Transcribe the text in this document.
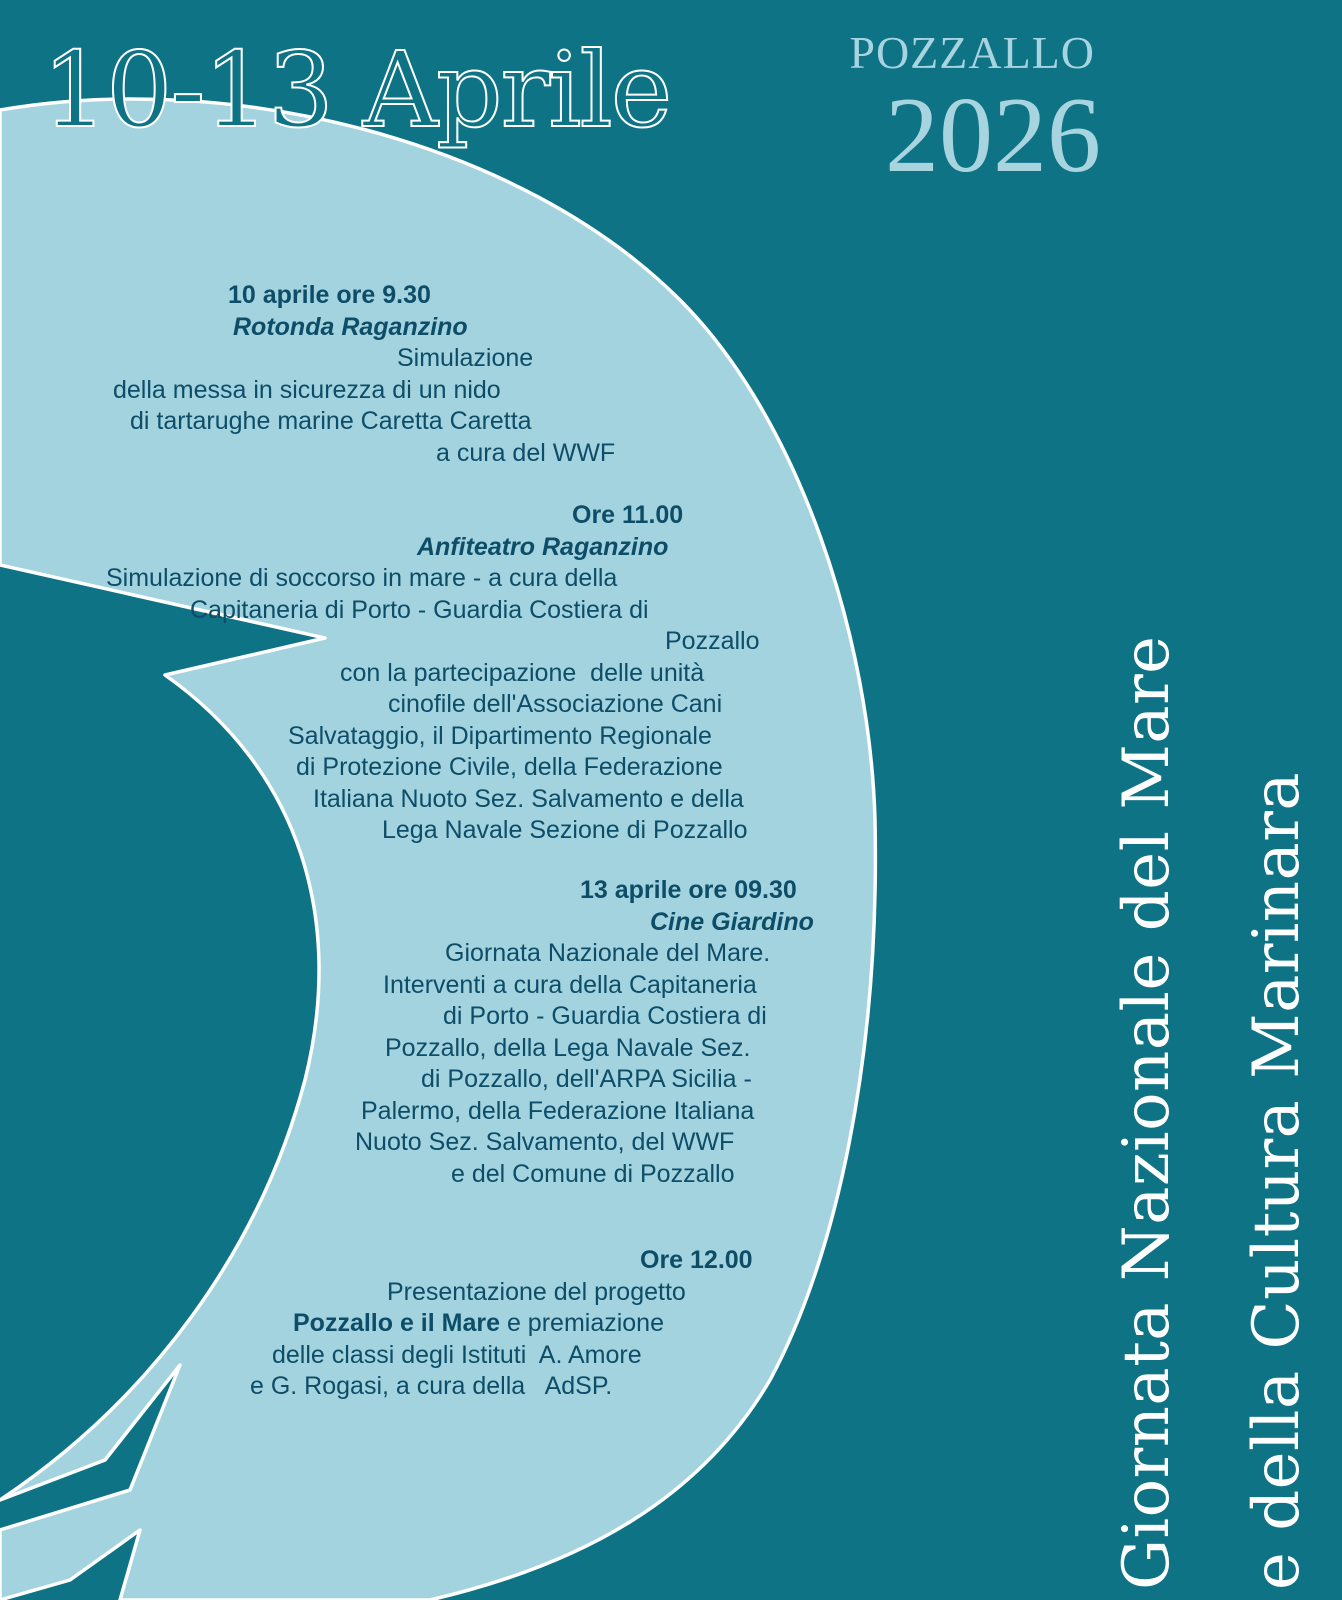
10-13 Aprile	POZZALLO
2026
Giornata Nazionale del Mare e della Cultura Marinara
10 aprile ore 9.30
Rotonda Raganzino
Simulazione
della messa in sicurezza di un nido
di tartarughe marine Caretta Caretta
a cura del WWF
Ore 11.00
Anfiteatro Raganzino
Simulazione di soccorso in mare - a cura della
Capitaneria di Porto - Guardia Costiera di
Pozzallo
con la partecipazione  delle unità
cinofile dell'Associazione Cani
Salvataggio, il Dipartimento Regionale
di Protezione Civile, della Federazione
Italiana Nuoto Sez. Salvamento e della
Lega Navale Sezione di Pozzallo
13 aprile ore 09.30
Cine Giardino
Giornata Nazionale del Mare.
Interventi a cura della Capitaneria
di Porto - Guardia Costiera di
Pozzallo, della Lega Navale Sez.
di Pozzallo, dell'ARPA Sicilia -
Palermo, della Federazione Italiana
Nuoto Sez. Salvamento, del WWF
e del Comune di Pozzallo
Ore 12.00
Presentazione del progetto
Pozzallo e il Mare e premiazione
delle classi degli Istituti  A. Amore
e G. Rogasi, a cura della   AdSP.
